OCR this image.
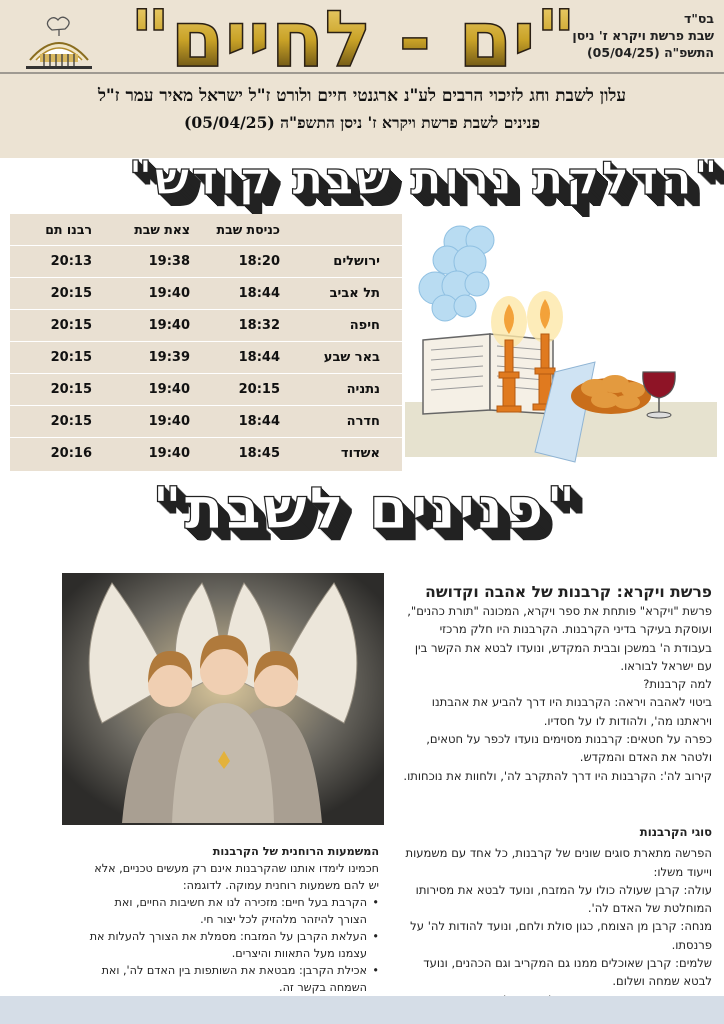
"ים - לחיים"	בס"ד
שבת פרשת ויקרא ז' ניסן
התשפ"ה (05/04/25)
עלון לשבת וחג לזיכוי הרבים לע"נ ארגנטי חיים ולורט ז"ל ישראל מאיר עמר ז"ל
פנינים לשבת פרשת ויקרא ז' ניסן התשפ"ה (05/04/25)
"הדלקת נרות שבת קודש"
כניסת שבת
צאת שבת
רבנו תם
ירושלים
18:20
19:38
20:13
תל אביב
18:44
19:40
20:15
חיפה
18:32
19:40
20:15
באר שבע
18:44
19:39
20:15
נתניה
20:15
19:40
20:15
חדרה
18:44
19:40
20:15
אשדוד
18:45
19:40
20:16
"פנינים לשבת"
פרשת ויקרא: קרבנות של אהבה וקדושה

פרשת "ויקרא" פותחת את ספר ויקרא, המכונה "תורת כהנים", ועוסקת בעיקר בדיני הקרבנות. הקרבנות היו חלק מרכזי בעבודת ה' במשכן ובבית המקדש, ונועדו לבטא את הקשר בין עם ישראל לבוראו.

למה קרבנות?

ביטוי לאהבה ויראה: הקרבנות היו דרך להביע את אהבתנו ויראתנו מה', ולהודות לו על חסדיו.

כפרה על חטאים: קרבנות מסוימים נועדו לכפר על חטאים, ולטהר את האדם והמקדש.

קירוב לה': הקרבנות היו דרך להתקרב לה', ולחוות את נוכחותו.

סוגי הקרבנות

הפרשה מתארת סוגים שונים של קרבנות, כל אחד עם משמעות וייעוד משלו:

עולה: קרבן שעולה כולו על המזבח, ונועד לבטא את מסירותו המוחלטת של האדם לה'.

מנחה: קרבן מן הצומח, כגון סולת ולחם, ונועד להודות לה' על פרנסתו.

שלמים: קרבן שאוכלים ממנו גם המקריב וגם הכהנים, ונועד לבטא שמחה ושלום.

המשמעות הרוחנית של הקרבנות

חכמינו לימדו אותנו שהקרבנות אינם רק מעשים טכניים, אלא יש להם משמעות רוחנית עמוקה. לדוגמה:

• הקרבת בעל חיים: מזכירה לנו את חשיבות החיים, ואת הצורך להיזהר מלהזיק לכל יצור חי.
• העלאת הקרבן על המזבח: מסמלת את הצורך להעלות את עצמנו מעל התאוות והיצרים.
• אכילת הקרבן: מבטאת את השותפות בין האדם לה', ואת השמחה בקשר זה.
